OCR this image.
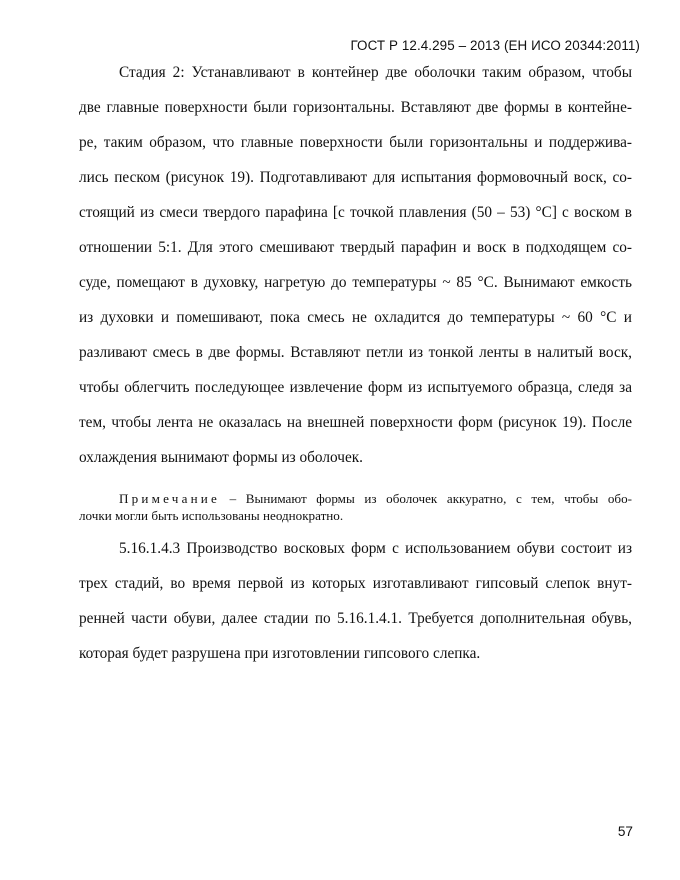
ГОСТ Р 12.4.295 – 2013 (ЕН ИСО 20344:2011)
Стадия 2: Устанавливают в контейнер две оболочки таким образом, чтобы
две главные поверхности были горизонтальны. Вставляют две формы в контейне-
ре, таким образом, что главные поверхности были горизонтальны и поддержива-
лись песком (рисунок 19). Подготавливают для испытания формовочный воск, со-
стоящий из смеси твердого парафина [с точкой плавления (50 – 53) °C] с воском в
отношении 5:1. Для этого смешивают твердый парафин и воск в подходящем со-
суде, помещают в духовку, нагретую до температуры ~ 85 °C. Вынимают емкость
из духовки и помешивают, пока смесь не охладится до температуры ~ 60 °C и
разливают смесь в две формы. Вставляют петли из тонкой ленты в налитый воск,
чтобы облегчить последующее извлечение форм из испытуемого образца, следя за
тем, чтобы лента не оказалась на внешней поверхности форм (рисунок 19). После
охлаждения вынимают формы из оболочек.
Примечание – Вынимают формы из оболочек аккуратно, с тем, чтобы обо-
лочки могли быть использованы неоднократно.
5.16.1.4.3 Производство восковых форм с использованием обуви состоит из
трех стадий, во время первой из которых изготавливают гипсовый слепок внут-
ренней части обуви, далее стадии по 5.16.1.4.1. Требуется дополнительная обувь,
которая будет разрушена при изготовлении гипсового слепка.
57
